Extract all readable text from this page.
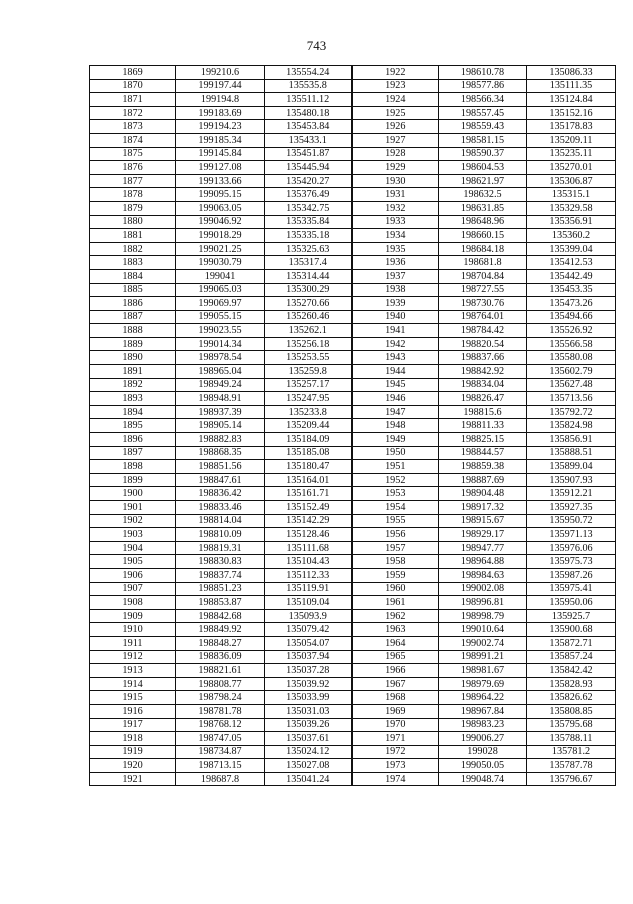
743
1869	199210.6	135554.24	1922	198610.78	135086.33
1870	199197.44	135535.8	1923	198577.86	135111.35
1871	199194.8	135511.12	1924	198566.34	135124.84
1872	199183.69	135480.18	1925	198557.45	135152.16
1873	199194.23	135453.84	1926	198559.43	135178.83
1874	199185.34	135433.1	1927	198581.15	135209.11
1875	199145.84	135451.87	1928	198590.37	135235.11
1876	199127.08	135445.94	1929	198604.53	135270.01
1877	199133.66	135420.27	1930	198621.97	135306.87
1878	199095.15	135376.49	1931	198632.5	135315.1
1879	199063.05	135342.75	1932	198631.85	135329.58
1880	199046.92	135335.84	1933	198648.96	135356.91
1881	199018.29	135335.18	1934	198660.15	135360.2
1882	199021.25	135325.63	1935	198684.18	135399.04
1883	199030.79	135317.4	1936	198681.8	135412.53
1884	199041	135314.44	1937	198704.84	135442.49
1885	199065.03	135300.29	1938	198727.55	135453.35
1886	199069.97	135270.66	1939	198730.76	135473.26
1887	199055.15	135260.46	1940	198764.01	135494.66
1888	199023.55	135262.1	1941	198784.42	135526.92
1889	199014.34	135256.18	1942	198820.54	135566.58
1890	198978.54	135253.55	1943	198837.66	135580.08
1891	198965.04	135259.8	1944	198842.92	135602.79
1892	198949.24	135257.17	1945	198834.04	135627.48
1893	198948.91	135247.95	1946	198826.47	135713.56
1894	198937.39	135233.8	1947	198815.6	135792.72
1895	198905.14	135209.44	1948	198811.33	135824.98
1896	198882.83	135184.09	1949	198825.15	135856.91
1897	198868.35	135185.08	1950	198844.57	135888.51
1898	198851.56	135180.47	1951	198859.38	135899.04
1899	198847.61	135164.01	1952	198887.69	135907.93
1900	198836.42	135161.71	1953	198904.48	135912.21
1901	198833.46	135152.49	1954	198917.32	135927.35
1902	198814.04	135142.29	1955	198915.67	135950.72
1903	198810.09	135128.46	1956	198929.17	135971.13
1904	198819.31	135111.68	1957	198947.77	135976.06
1905	198830.83	135104.43	1958	198964.88	135975.73
1906	198837.74	135112.33	1959	198984.63	135987.26
1907	198851.23	135119.91	1960	199002.08	135975.41
1908	198853.87	135109.04	1961	198996.81	135950.06
1909	198842.68	135093.9	1962	198998.79	135925.7
1910	198849.92	135079.42	1963	199010.64	135900.68
1911	198848.27	135054.07	1964	199002.74	135872.71
1912	198836.09	135037.94	1965	198991.21	135857.24
1913	198821.61	135037.28	1966	198981.67	135842.42
1914	198808.77	135039.92	1967	198979.69	135828.93
1915	198798.24	135033.99	1968	198964.22	135826.62
1916	198781.78	135031.03	1969	198967.84	135808.85
1917	198768.12	135039.26	1970	198983.23	135795.68
1918	198747.05	135037.61	1971	199006.27	135788.11
1919	198734.87	135024.12	1972	199028	135781.2
1920	198713.15	135027.08	1973	199050.05	135787.78
1921	198687.8	135041.24	1974	199048.74	135796.67
